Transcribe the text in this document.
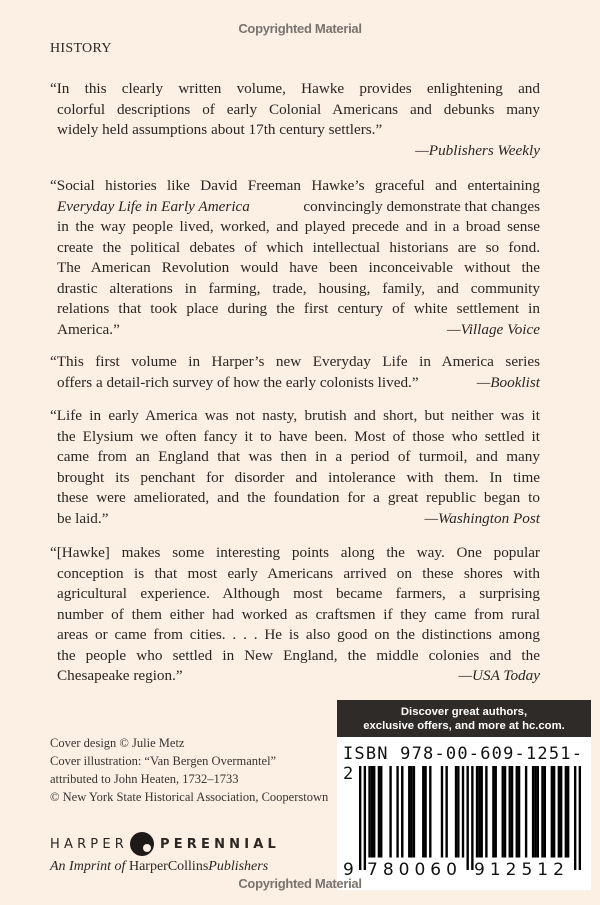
Copyrighted Material
HISTORY
“In this clearly written volume, Hawke provides enlightening and
colorful descriptions of early Colonial Americans and debunks many
widely held assumptions about 17th century settlers.”
—Publishers Weekly
“Social histories like David Freeman Hawke’s graceful and entertaining
Everyday Life in Early America	convincingly demonstrate that changes
in the way people lived, worked, and played precede and in a broad sense
create the political debates of which intellectual historians are so fond.
The American Revolution would have been inconceivable without the
drastic alterations in farming, trade, housing, family, and community
relations that took place during the first century of white settlement in
America.”	—Village Voice
“This first volume in Harper’s new Everyday Life in America series
offers a detail-rich survey of how the early colonists lived.”	—Booklist
“Life in early America was not nasty, brutish and short, but neither was it
the Elysium we often fancy it to have been. Most of those who settled it
came from an England that was then in a period of turmoil, and many
brought its penchant for disorder and intolerance with them. In time
these were ameliorated, and the foundation for a great republic began to
be laid.”	—Washington Post
“[Hawke] makes some interesting points along the way. One popular
conception is that most early Americans arrived on these shores with
agricultural experience. Although most became farmers, a surprising
number of them either had worked as craftsmen if they came from rural
areas or came from cities. . . . He is also good on the distinctions among
the people who settled in New England, the middle colonies and the
Chesapeake region.”	—USA Today
Cover design © Julie Metz
Cover illustration: “Van Bergen Overmantel”
attributed to John Heaten, 1732–1733
© New York State Historical Association, Cooperstown
HARPER PERENNIAL
An Imprint of HarperCollinsPublishers
Discover great authors,
exclusive offers, and more at hc.com.
ISBN 978-00-609-1251-2
9 780060 912512
Copyrighted Material
